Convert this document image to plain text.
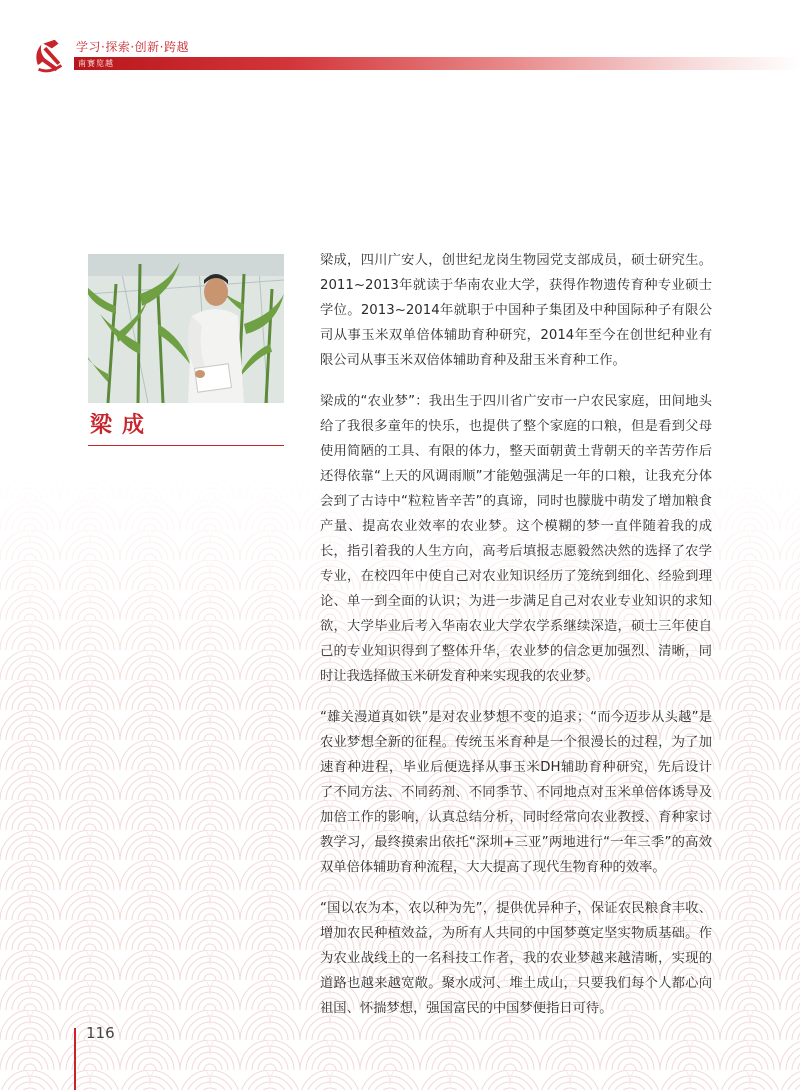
学习·探索·创新·跨越
南赛览越
梁成

梁成，四川广安人，创世纪龙岗生物园党支部成员，硕士研究生。2011~2013年就读于华南农业大学，获得作物遗传育种专业硕士学位。2013~2014年就职于中国种子集团及中种国际种子有限公司从事玉米双单倍体辅助育种研究，2014年至今在创世纪种业有限公司从事玉米双倍体辅助育种及甜玉米育种工作。

梁成的“农业梦”：我出生于四川省广安市一户农民家庭，田间地头给了我很多童年的快乐，也提供了整个家庭的口粮，但是看到父母使用简陋的工具、有限的体力，整天面朝黄土背朝天的辛苦劳作后还得依靠“上天的风调雨顺”才能勉强满足一年的口粮，让我充分体会到了古诗中“粒粒皆辛苦”的真谛，同时也朦胧中萌发了增加粮食产量、提高农业效率的农业梦。这个模糊的梦一直伴随着我的成长，指引着我的人生方向，高考后填报志愿毅然决然的选择了农学专业，在校四年中使自己对农业知识经历了笼统到细化、经验到理论、单一到全面的认识；为进一步满足自己对农业专业知识的求知欲，大学毕业后考入华南农业大学农学系继续深造，硕士三年使自己的专业知识得到了整体升华，农业梦的信念更加强烈、清晰，同时让我选择做玉米研发育种来实现我的农业梦。

“雄关漫道真如铁”是对农业梦想不变的追求；“而今迈步从头越”是农业梦想全新的征程。传统玉米育种是一个很漫长的过程，为了加速育种进程，毕业后便选择从事玉米DH辅助育种研究，先后设计了不同方法、不同药剂、不同季节、不同地点对玉米单倍体诱导及加倍工作的影响，认真总结分析，同时经常向农业教授、育种家讨教学习，最终摸索出依托“深圳+三亚”两地进行“一年三季”的高效双单倍体辅助育种流程，大大提高了现代生物育种的效率。

“国以农为本，农以种为先”，提供优异种子，保证农民粮食丰收、增加农民种植效益，为所有人共同的中国梦奠定坚实物质基础。作为农业战线上的一名科技工作者，我的农业梦越来越清晰，实现的道路也越来越宽敞。聚水成河、堆土成山，只要我们每个人都心向祖国、怀揣梦想，强国富民的中国梦便指日可待。

116
